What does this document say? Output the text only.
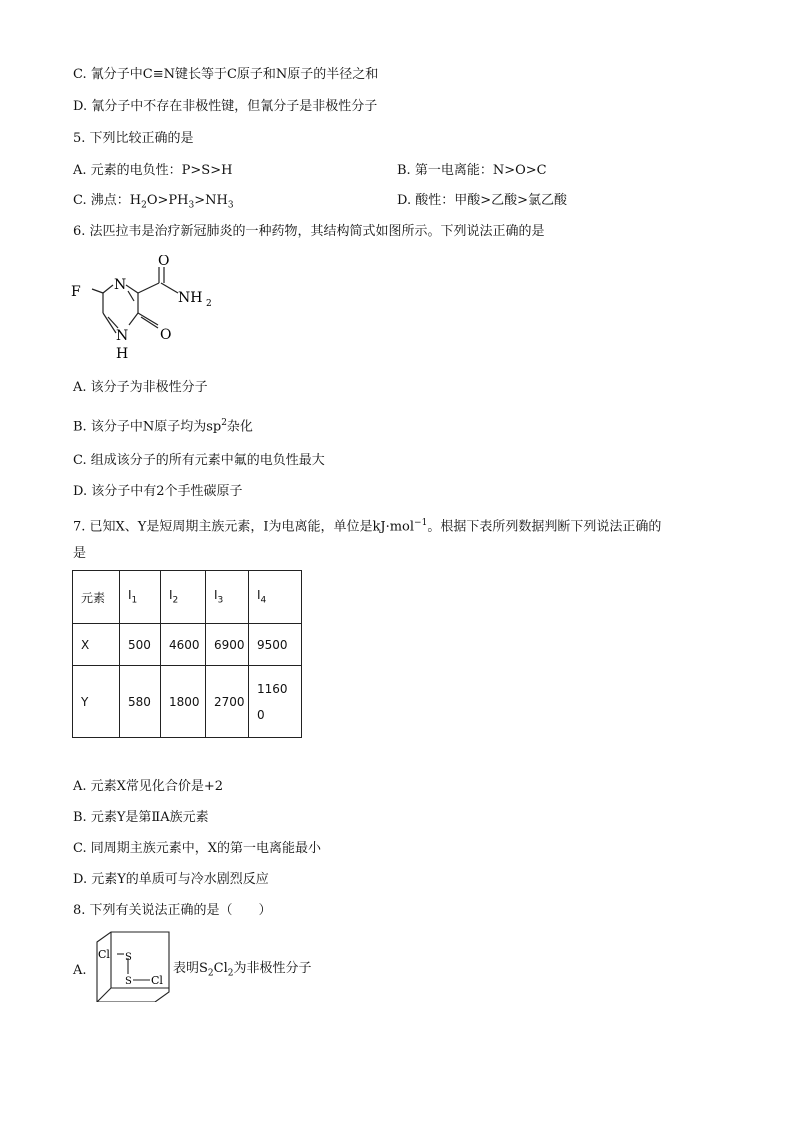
C. 氰分子中C≡N键长等于C原子和N原子的半径之和
D. 氰分子中不存在非极性键，但氰分子是非极性分子
5. 下列比较正确的是
A. 元素的电负性：P>S>H	B. 第一电离能：N>O>C
C. 沸点：$H_2O>PH_3>NH_3$	D. 酸性：甲酸>乙酸>氯乙酸
6. 法匹拉韦是治疗新冠肺炎的一种药物，其结构简式如图所示。下列说法正确的是
F N
O
NH 2
N
H
O
A. 该分子为非极性分子
B. 该分子中N原子均为$sp^2$杂化
C. 组成该分子的所有元素中氟的电负性最大
D. 该分子中有2个手性碳原子
7. 已知X、Y是短周期主族元素，I为电离能，单位是kJ·mol$^{-1}$。根据下表所列数据判断下列说法正确的
是
元素	$I_1$	$I_2$	$I_3$	$I_4$
X	500	4600	6900	9500
Y	580	1800	2700	1160
0
A. 元素X常见化合价是+2
B. 元素Y是第ⅡA族元素
C. 同周期主族元素中，X的第一电离能最小
D. 元素Y的单质可与冷水剧烈反应
8. 下列有关说法正确的是（　　）
A.
Cl S
S Cl
表明$S_2Cl_2$为非极性分子
